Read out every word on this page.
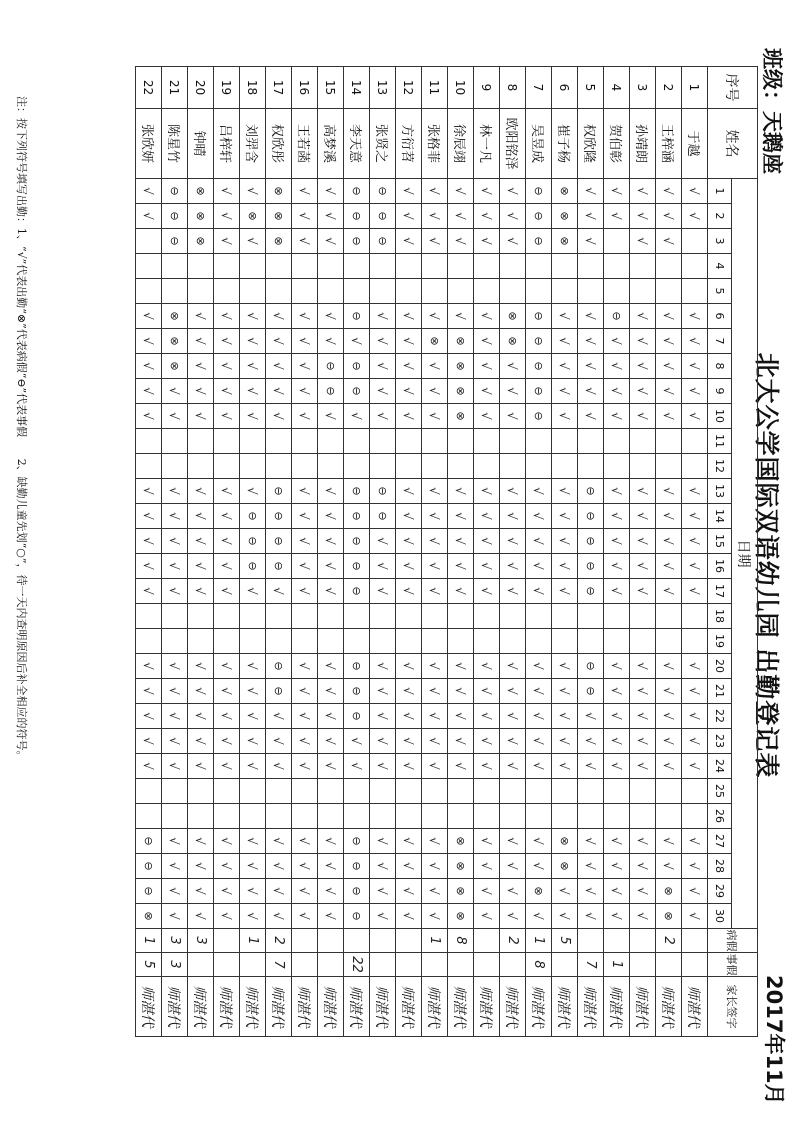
北大公学国际双语幼儿园 出勤登记表
班级：天鹅座
2017年11月
序号	姓名	日期																														病假	事假	家长签字
		1	2	3	4	5	6	7	8	9	10	11	12	13	14	15	16	17	18	19	20	21	22	23	24	25	26	27	28	29	30			
1	于越	√	√				√	√	√	√	√			√	√	√	√	√			√	√	√	√	√			√	√	√	√			师湛代
2	王梓涵	√	√	√			√	√	√	√	√			√	√	√	√	√			√	√	√	√	√			√	√	⊗	⊗	2		师湛代
3	孙靖朗	√	√	√			√	√	√	√	√			√	√	√	√	√			√	√	√	√	√			√	√	√	√			师湛代
4	贺伯彰	√	√				⊖	√	√	√	√			√	√	√	√	√			√	√	√	√	√			√	√	√	√		1	师湛代
5	权欣隆	√	√	√			√	√	√	√	√			⊖	⊖	⊖	⊖	⊖			⊖	⊖	√	√	√			√	√	√	√		7	师湛代
6	崔子杨	⊗	⊗	⊗			√	√	√	√	√			√	√	√	√	√			√	√	√	√	√			⊗	⊗	√	√	5		师湛代
7	吴昱成	⊖	⊖	⊖			⊖	⊖	⊖	⊖	⊖			√	√	√	√	√			√	√	√	√	√			√	√	⊗	√	1	8	师湛代
8	欧阳铭泽	√	√	√			⊗	⊗	√	√	√			√	√	√	√	√			√	√	√	√	√			√	√	√	√	2		师湛代
9	林一凡	√	√	√			√	√	√	√	√			√	√	√	√	√			√	√	√	√	√			√	√	√	√			师湛代
10	徐辰翊	√	√	√			√	⊗	⊗	⊗	⊗			√	√	√	√	√			√	√	√	√	√			⊗	⊗	⊗	⊗	8		师湛代
11	张格菲	√	√	√			√	⊗	√	√	√			√	√	√	√	√			√	√	√	√	√			√	√	√	√	1		师湛代
12	方衍苕	√	√	√			√	√	√	√	√			√	√	√	√	√			√	√	√	√	√			√	√	√	√			师湛代
13	张贤之	⊖	⊖	⊖			√	√	√	√	√			⊖	⊖	√	√	√			√	√	√	√	√			√	√	√	√			师湛代
14	李天意	⊖	⊖	⊖			⊖	√	⊖	⊖	√			⊖	⊖	⊖	⊖	⊖			⊖	⊖	⊖	√	√			⊖	⊖	⊖	⊖		22	师湛代
15	高梦溪	√	√	√			√	√	⊖	⊖	√			√	√	√	√	√			√	√	√	√	√			√	√	√	√			师湛代
16	王若菡	√	√	√			√	√	√	√	√			√	√	√	√	√			√	√	√	√	√			√	√	√	√			师湛代
17	权欣彤	⊗	⊗	⊗			√	√	√	√	√			⊖	⊖	⊖	⊖	√			⊖	⊖	√	√	√			√	√	√	√	2	7	师湛代
18	刘羿含	√	⊗	√			√	√	√	√	√			√	⊖	⊖	⊖	√			√	√	√	√	√			√	√	√	√	1		师湛代
19	吕梓轩	√	√	√			√	√	√	√	√			√	√	√	√	√			√	√	√	√	√			√	√	√	√			师湛代
20	钟晴	⊗	⊗	⊗			√	√	√	√	√			√	√	√	√	√			√	√	√	√	√			√	√	√	√	3		师湛代
21	陈星竹	⊖	⊖	⊖			⊗	⊗	⊗	√	√			√	√	√	√	√			√	√	√	√	√			√	√	√	√	3	3	师湛代
22	张欣妍	√	√				√	√	√	√	√			√	√	√	√	√			√	√	√	√	√			⊖	⊖	⊖	⊗	1	5	师湛代
注：按下列符号填写出勤：1、“√”代表出勤“⊗”代表病假“⊖”代表事假 2、缺勤儿童先划“○”，待一天内查明原因后补全相应的符号。
